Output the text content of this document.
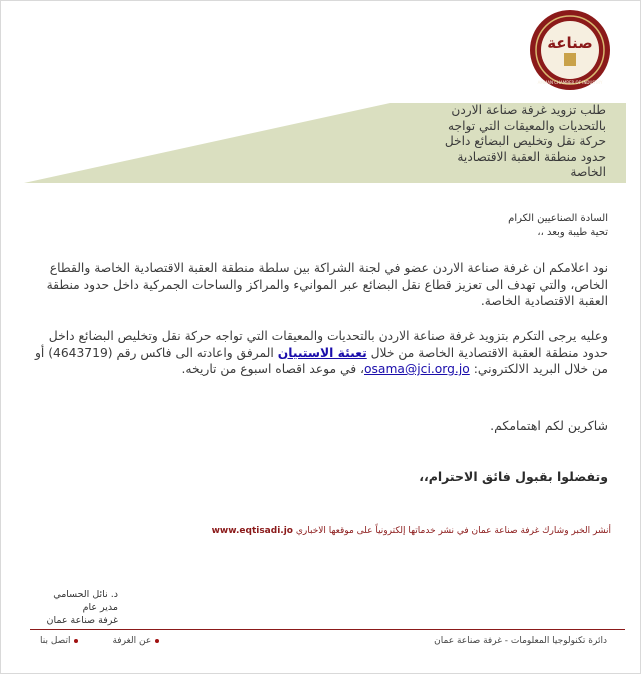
صناعة
AMMAN CHAMBER OF INDUSTRY
طلب تزويد غرفة صناعة الاردن
بالتحديات والمعيقات التي تواجه
حركة نقل وتخليص البضائع داخل
حدود منطقة العقبة الاقتصادية
الخاصة
السادة الصناعيين الكرام
تحية طيبة وبعد ،،
نود اعلامكم ان غرفة صناعة الاردن عضو في لجنة الشراكة بين سلطة منطقة العقبة الاقتصادية الخاصة والقطاع الخاص، والتي تهدف الى تعزيز قطاع نقل البضائع عبر الموانيء والمراكز والساحات الجمركية داخل حدود منطقة العقبة الاقتصادية الخاصة.
وعليه يرجى التكرم بتزويد غرفة صناعة الاردن بالتحديات والمعيقات التي تواجه حركة نقل وتخليص البضائع داخل حدود منطقة العقبة الاقتصادية الخاصة من خلال تعبئة الاستبيان المرفق واعادته الى فاكس رقم (4643719) أو من خلال البريد الالكتروني: osama@jci.org.jo، في موعد اقصاه اسبوع من تاريخه.
شاكرين لكم اهتمامكم.
وتفضلوا بقبول فائق الاحترام،،
أنشر الخبر وشارك غرفة صناعة عمان في نشر خدماتها إلكترونياً على موقعها الاخباري www.eqtisadi.jo
د. نائل الحسامي
مدير عام
غرفة صناعة عمان
عن الغرفة
اتصل بنا	دائرة تكنولوجيا المعلومات - غرفة صناعة عمان
